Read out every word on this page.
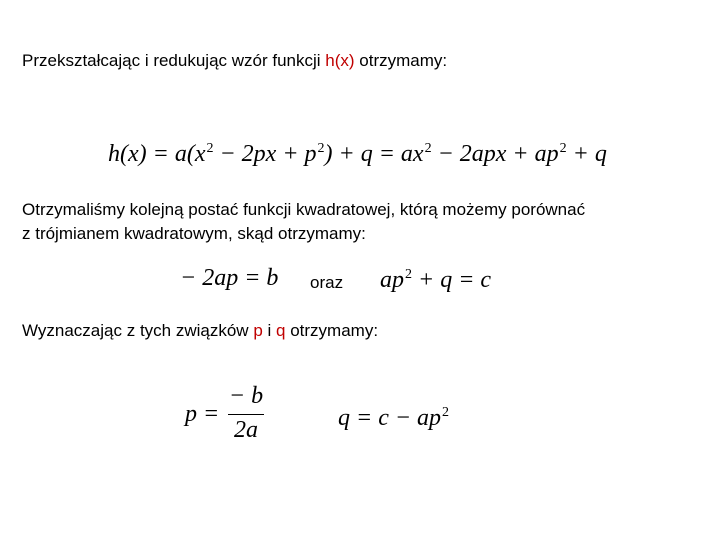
Przekształcając i redukując wzór funkcji h(x) otrzymamy:
$h(x) = a(x^2 - 2px + p^2) + q = ax^2 - 2apx + ap^2 + q$
Otrzymaliśmy kolejną postać funkcji kwadratowej, którą możemy porównać
z trójmianem kwadratowym, skąd otrzymamy:
− 2ap = b oraz $ap^2 + q = c$
Wyznaczając z tych związków p i q otrzymamy:
p =
− b
2a	$q = c - ap^2$
